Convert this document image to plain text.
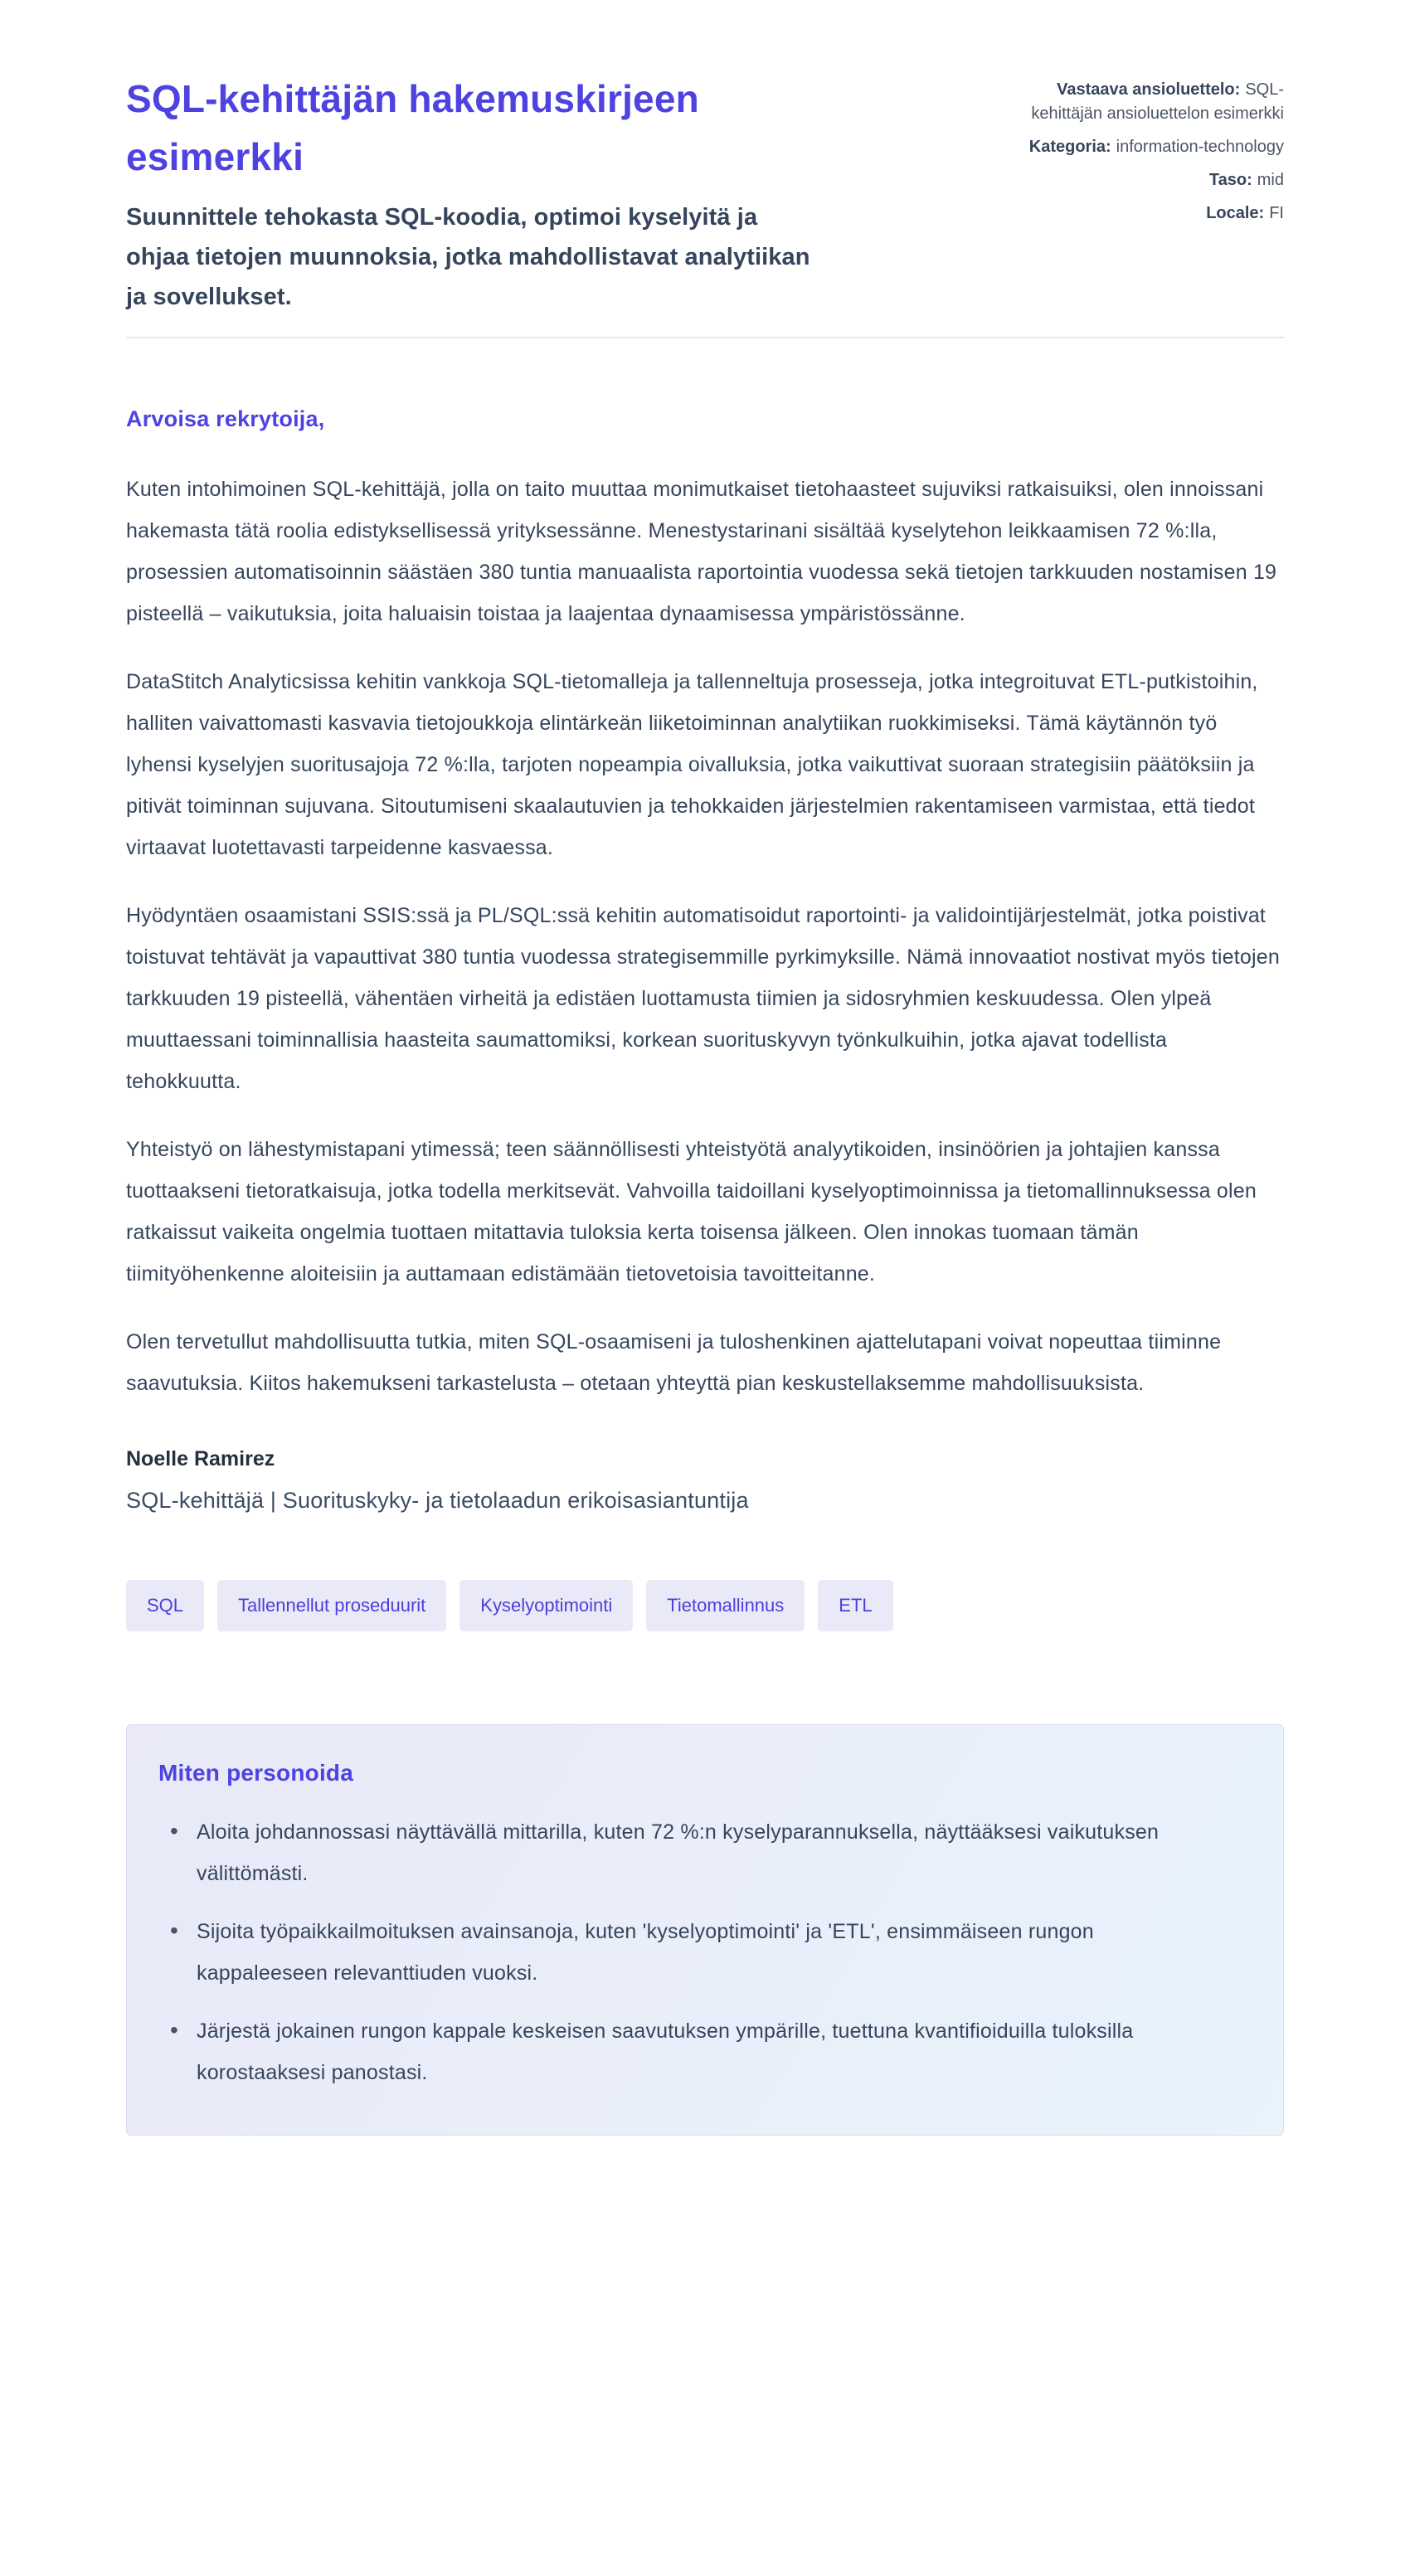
SQL-kehittäjän hakemuskirjeen esimerkki

Suunnittele tehokasta SQL-koodia, optimoi kyselyitä ja ohjaa tietojen muunnoksia, jotka mahdollistavat analytiikan ja sovellukset.

Vastaava ansioluettelo: SQL-kehittäjän ansioluettelon esimerkki

Kategoria: information-technology

Taso: mid

Locale: FI

Arvoisa rekrytoija,

Kuten intohimoinen SQL-kehittäjä, jolla on taito muuttaa monimutkaiset tietohaasteet sujuviksi ratkaisuiksi, olen innoissani hakemasta tätä roolia edistyksellisessä yrityksessänne. Menestystarinani sisältää kyselytehon leikkaamisen 72 %:lla, prosessien automatisoinnin säästäen 380 tuntia manuaalista raportointia vuodessa sekä tietojen tarkkuuden nostamisen 19 pisteellä – vaikutuksia, joita haluaisin toistaa ja laajentaa dynaamisessa ympäristössänne.

DataStitch Analyticsissa kehitin vankkoja SQL-tietomalleja ja tallenneltuja prosesseja, jotka integroituvat ETL-putkistoihin, halliten vaivattomasti kasvavia tietojoukkoja elintärkeän liiketoiminnan analytiikan ruokkimiseksi. Tämä käytännön työ lyhensi kyselyjen suoritusajoja 72 %:lla, tarjoten nopeampia oivalluksia, jotka vaikuttivat suoraan strategisiin päätöksiin ja pitivät toiminnan sujuvana. Sitoutumiseni skaalautuvien ja tehokkaiden järjestelmien rakentamiseen varmistaa, että tiedot virtaavat luotettavasti tarpeidenne kasvaessa.

Hyödyntäen osaamistani SSIS:ssä ja PL/SQL:ssä kehitin automatisoidut raportointi- ja validointijärjestelmät, jotka poistivat toistuvat tehtävät ja vapauttivat 380 tuntia vuodessa strategisemmille pyrkimyksille. Nämä innovaatiot nostivat myös tietojen tarkkuuden 19 pisteellä, vähentäen virheitä ja edistäen luottamusta tiimien ja sidosryhmien keskuudessa. Olen ylpeä muuttaessani toiminnallisia haasteita saumattomiksi, korkean suorituskyvyn työnkulkuihin, jotka ajavat todellista tehokkuutta.

Yhteistyö on lähestymistapani ytimessä; teen säännöllisesti yhteistyötä analyytikoiden, insinöörien ja johtajien kanssa tuottaakseni tietoratkaisuja, jotka todella merkitsevät. Vahvoilla taidoillani kyselyoptimoinnissa ja tietomallinnuksessa olen ratkaissut vaikeita ongelmia tuottaen mitattavia tuloksia kerta toisensa jälkeen. Olen innokas tuomaan tämän tiimityöhenkenne aloiteisiin ja auttamaan edistämään tietovetoisia tavoitteitanne.

Olen tervetullut mahdollisuutta tutkia, miten SQL-osaamiseni ja tuloshenkinen ajattelutapani voivat nopeuttaa tiiminne saavutuksia. Kiitos hakemukseni tarkastelusta – otetaan yhteyttä pian keskustellaksemme mahdollisuuksista.

Noelle Ramirez

SQL-kehittäjä | Suorituskyky- ja tietolaadun erikoisasiantuntija

SQL	Tallennellut proseduurit	Kyselyoptimointi	Tietomallinnus	ETL
Miten personoida
• Aloita johdannossasi näyttävällä mittarilla, kuten 72 %:n kyselyparannuksella, näyttääksesi vaikutuksen välittömästi.
• Sijoita työpaikkailmoituksen avainsanoja, kuten 'kyselyoptimointi' ja 'ETL', ensimmäiseen rungon kappaleeseen relevanttiuden vuoksi.
• Järjestä jokainen rungon kappale keskeisen saavutuksen ympärille, tuettuna kvantifioiduilla tuloksilla korostaaksesi panostasi.
